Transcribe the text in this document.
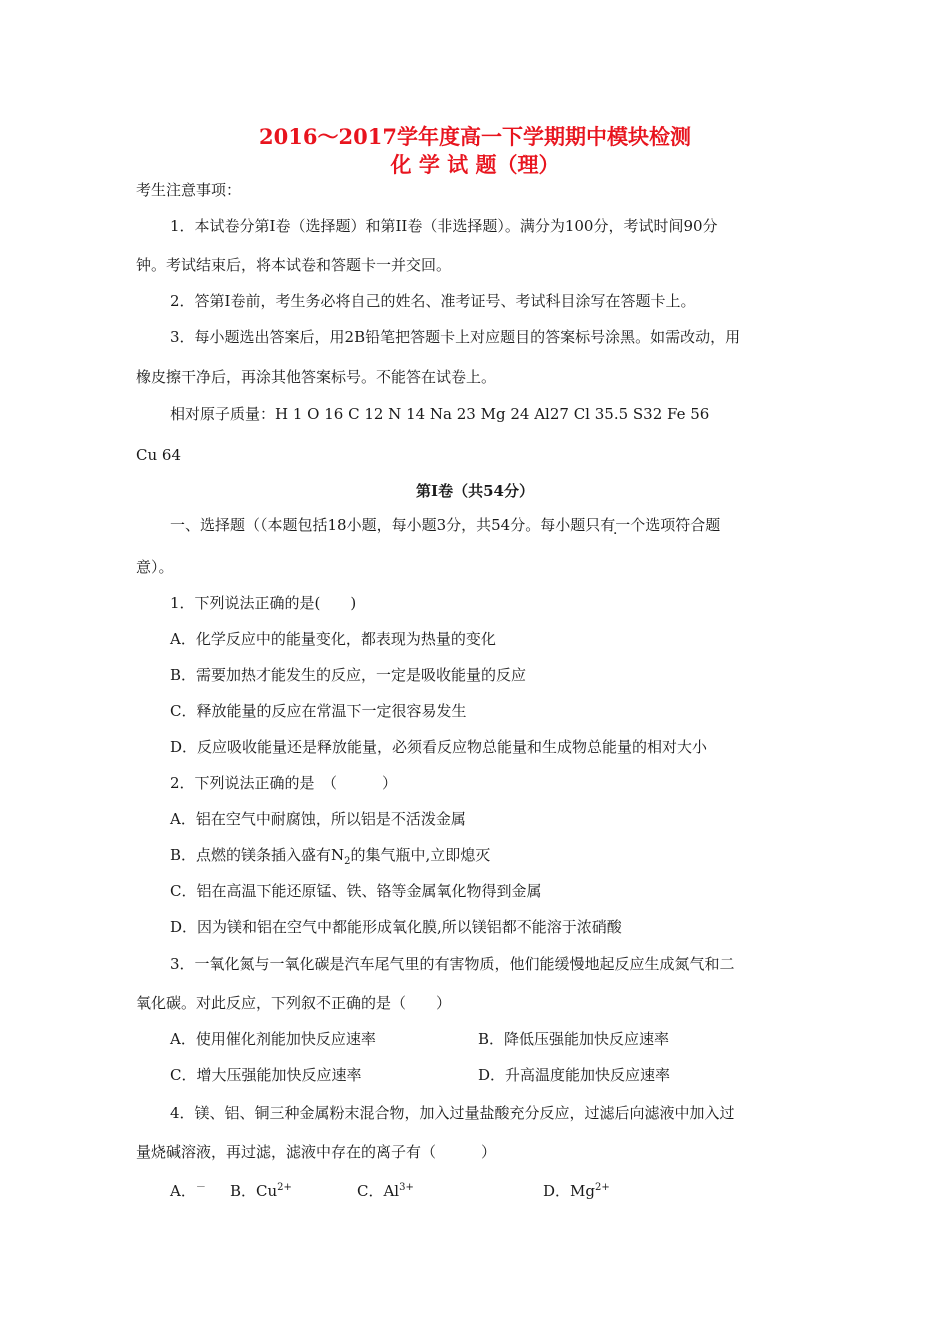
2016～2017学年度高一下学期期中模块检测
化 学 试 题（理）
考生注意事项：
1．本试卷分第Ⅰ卷（选择题）和第II卷（非选择题）。满分为100分，考试时间90分
钟。考试结束后，将本试卷和答题卡一并交回。
2．答第Ⅰ卷前，考生务必将自己的姓名、准考证号、考试科目涂写在答题卡上。
3．每小题选出答案后，用2B铅笔把答题卡上对应题目的答案标号涂黑。如需改动，用
橡皮擦干净后，再涂其他答案标号。不能答在试卷上。
相对原子质量：H 1 O 16 C 12 N 14 Na 23 Mg 24 Al27 Cl 35.5 S32 Fe 56
Cu 64
第Ⅰ卷（共54分）
一、选择题（（本题包括18小题，每小题3分，共54分。每小题只有一个选项符合题
意）。
1．下列说法正确的是(　　)
A．化学反应中的能量变化，都表现为热量的变化
B．需要加热才能发生的反应，一定是吸收能量的反应
C．释放能量的反应在常温下一定很容易发生
D．反应吸收能量还是释放能量，必须看反应物总能量和生成物总能量的相对大小
2．下列说法正确的是　（　　　）
A．铝在空气中耐腐蚀，所以铝是不活泼金属
B．点燃的镁条插入盛有$N_2$的集气瓶中,立即熄灭
C．铝在高温下能还原锰、铁、铬等金属氧化物得到金属
D．因为镁和铝在空气中都能形成氧化膜,所以镁铝都不能溶于浓硝酸
3．一氧化氮与一氧化碳是汽车尾气里的有害物质，他们能缓慢地起反应生成氮气和二
氧化碳。对此反应，下列叙不正确的是（　　）
A．使用催化剂能加快反应速率	B．降低压强能加快反应速率
C．增大压强能加快反应速率	D．升高温度能加快反应速率
4．镁、铝、铜三种金属粉末混合物，加入过量盐酸充分反应，过滤后向滤液中加入过
量烧碱溶液，再过滤，滤液中存在的离子有（　　　）
A．－ B．$Cu^{2+}$	C．$Al^{3+}$	D．$Mg^{2+}$
